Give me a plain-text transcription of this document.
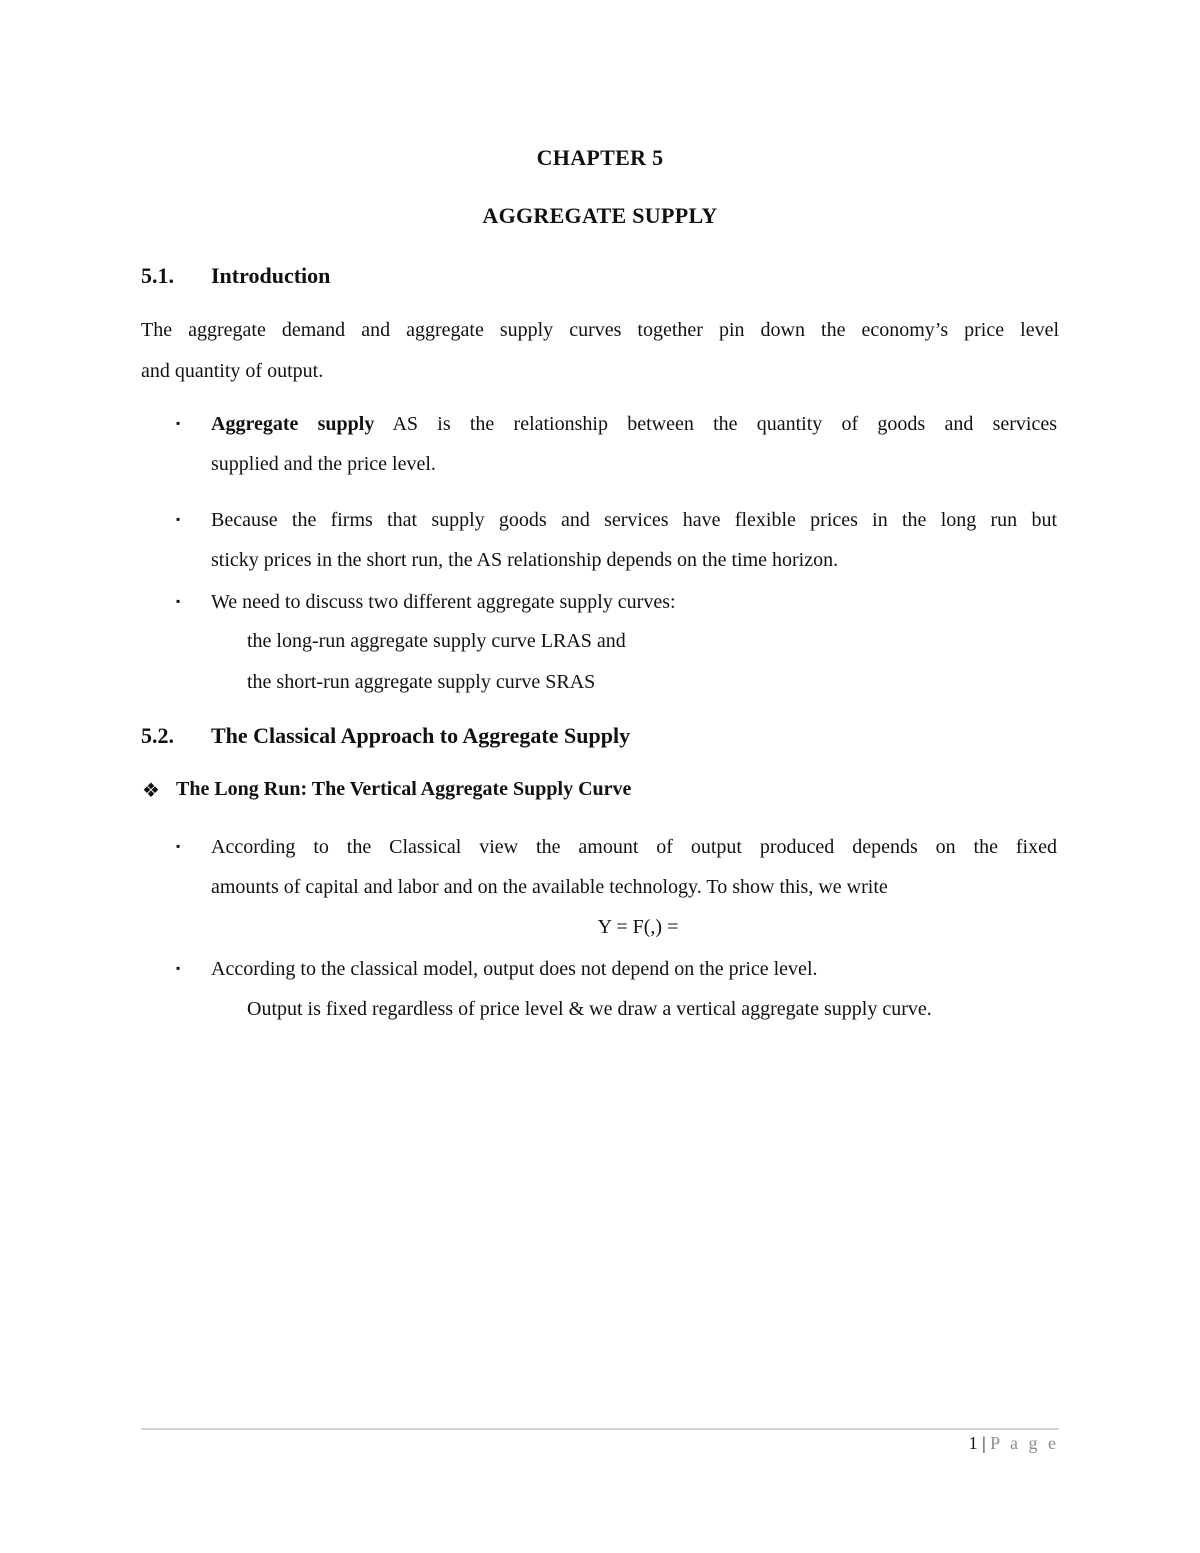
CHAPTER 5
AGGREGATE SUPPLY
5.1. Introduction
The aggregate demand and aggregate supply curves together pin down the economy’s price level
and quantity of output.
▪ Aggregate supply AS is the relationship between the quantity of goods and services
supplied and the price level.
▪ Because the firms that supply goods and services have flexible prices in the long run but
sticky prices in the short run, the AS relationship depends on the time horizon.
▪ We need to discuss two different aggregate supply curves:
the long-run aggregate supply curve LRAS and
the short-run aggregate supply curve SRAS
5.2. The Classical Approach to Aggregate Supply
❖ The Long Run: The Vertical Aggregate Supply Curve
▪ According to the Classical view the amount of output produced depends on the fixed
amounts of capital and labor and on the available technology. To show this, we write
Y = F(,) =
▪ According to the classical model, output does not depend on the price level.
Output is fixed regardless of price level & we draw a vertical aggregate supply curve.
1 | P a g e
